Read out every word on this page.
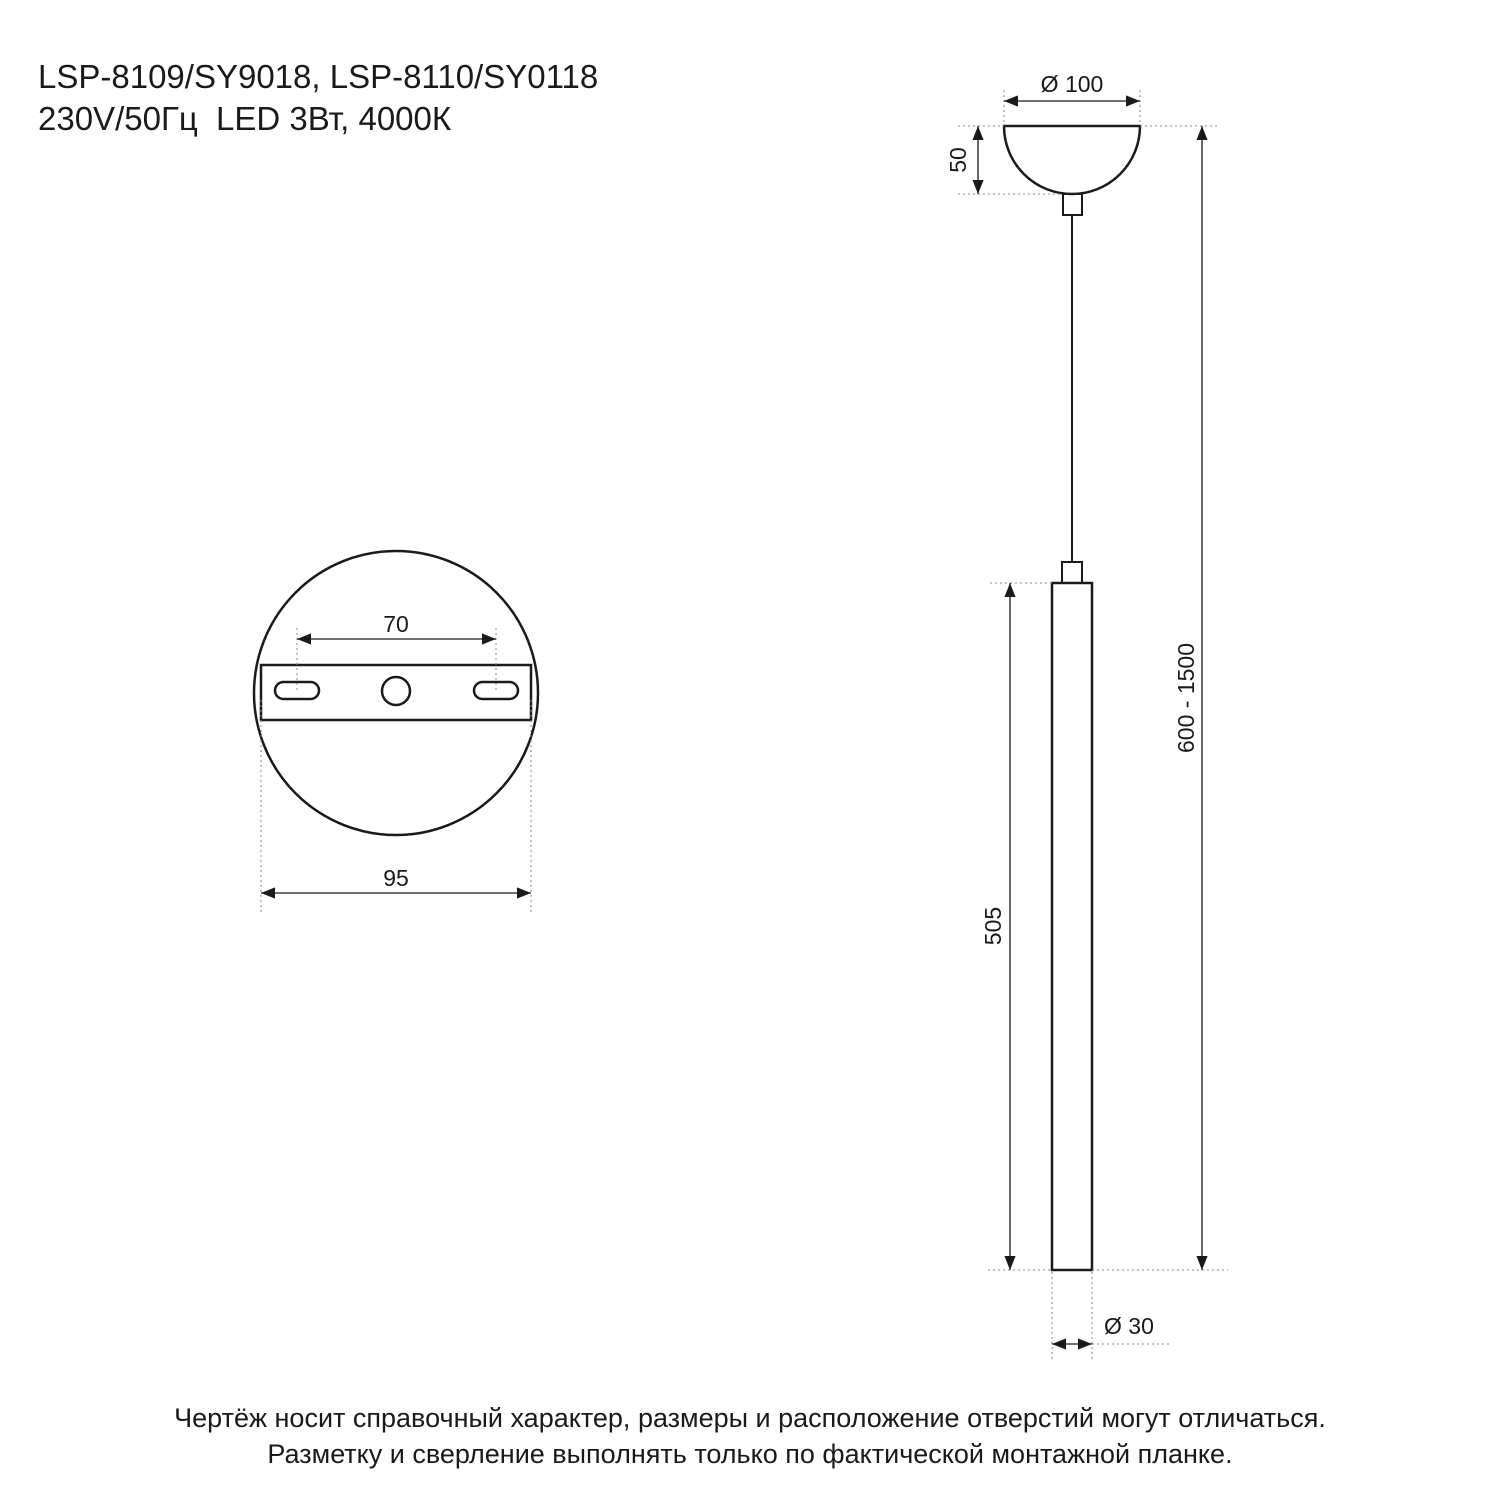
LSP-8109/SY9018, LSP-8110/SY0118
230V/50Гц  LED 3Вт, 4000К
70
95
Ø 100
50
600 - 1500
505
Ø 30
Чертёж носит справочный характер, размеры и расположение отверстий могут отличаться.
Разметку и сверление выполнять только по фактической монтажной планке.
